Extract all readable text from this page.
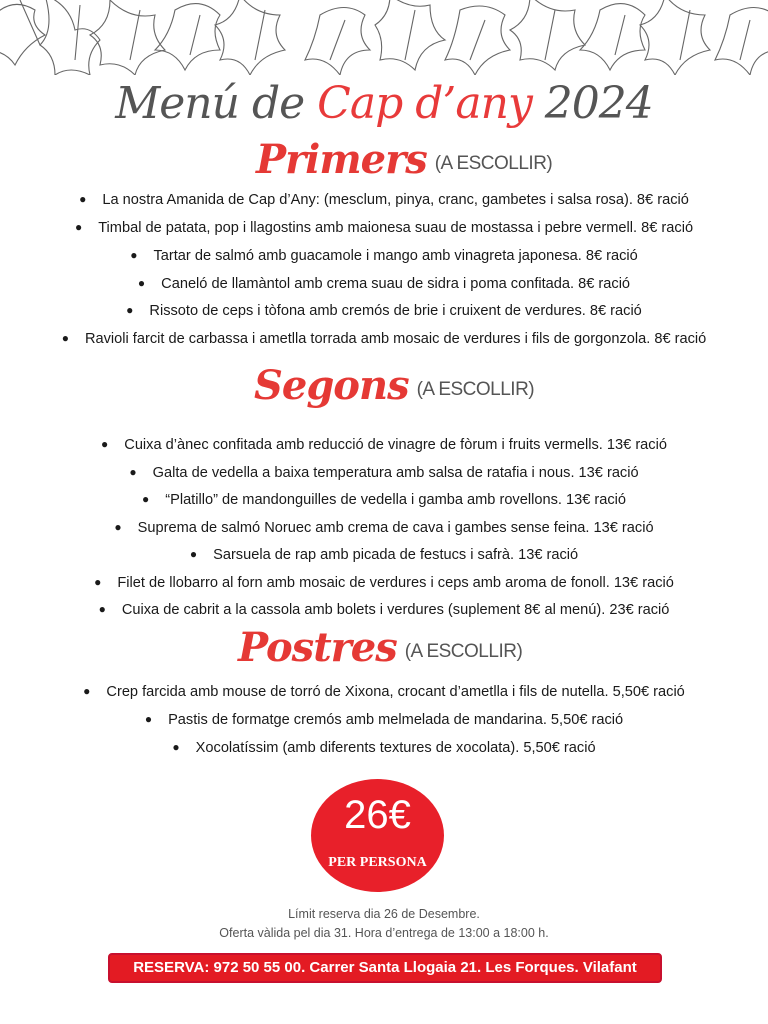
Menú de Cap d’any 2024
Primers (A ESCOLLIR)
● La nostra Amanida de Cap d’Any: (mesclum, pinya, cranc, gambetes i salsa rosa). 8€ ració
● Timbal de patata, pop i llagostins amb maionesa suau de mostassa i pebre vermell. 8€ ració
● Tartar de salmó amb guacamole i mango amb vinagreta japonesa. 8€ ració
● Caneló de llamàntol amb crema suau de sidra i poma confitada. 8€ ració
● Rissoto de ceps i tòfona amb cremós de brie i cruixent de verdures. 8€ ració
● Ravioli farcit de carbassa i ametlla torrada amb mosaic de verdures i fils de gorgonzola. 8€ ració
Segons (A ESCOLLIR)
● Cuixa d’ànec confitada amb reducció de vinagre de fòrum i fruits vermells. 13€ ració
● Galta de vedella a baixa temperatura amb salsa de ratafia i nous. 13€ ració
● “Platillo” de mandonguilles de vedella i gamba amb rovellons. 13€ ració
● Suprema de salmó Noruec amb crema de cava i gambes sense feina. 13€ ració
● Sarsuela de rap amb picada de festucs i safrà. 13€ ració
● Filet de llobarro al forn amb mosaic de verdures i ceps amb aroma de fonoll. 13€ ració
● Cuixa de cabrit a la cassola amb bolets i verdures (suplement 8€ al menú). 23€ ració
Postres (A ESCOLLIR)
● Crep farcida amb mouse de torró de Xixona, crocant d’ametlla i fils de nutella. 5,50€ ració
● Pastis de formatge cremós amb melmelada de mandarina. 5,50€ ració
● Xocolatíssim (amb diferents textures de xocolata). 5,50€ ració
26€
PER PERSONA
Límit reserva dia 26 de Desembre.
Oferta vàlida pel dia 31. Hora d’entrega de 13:00 a 18:00 h.
RESERVA: 972 50 55 00. Carrer Santa Llogaia 21. Les Forques. Vilafant
